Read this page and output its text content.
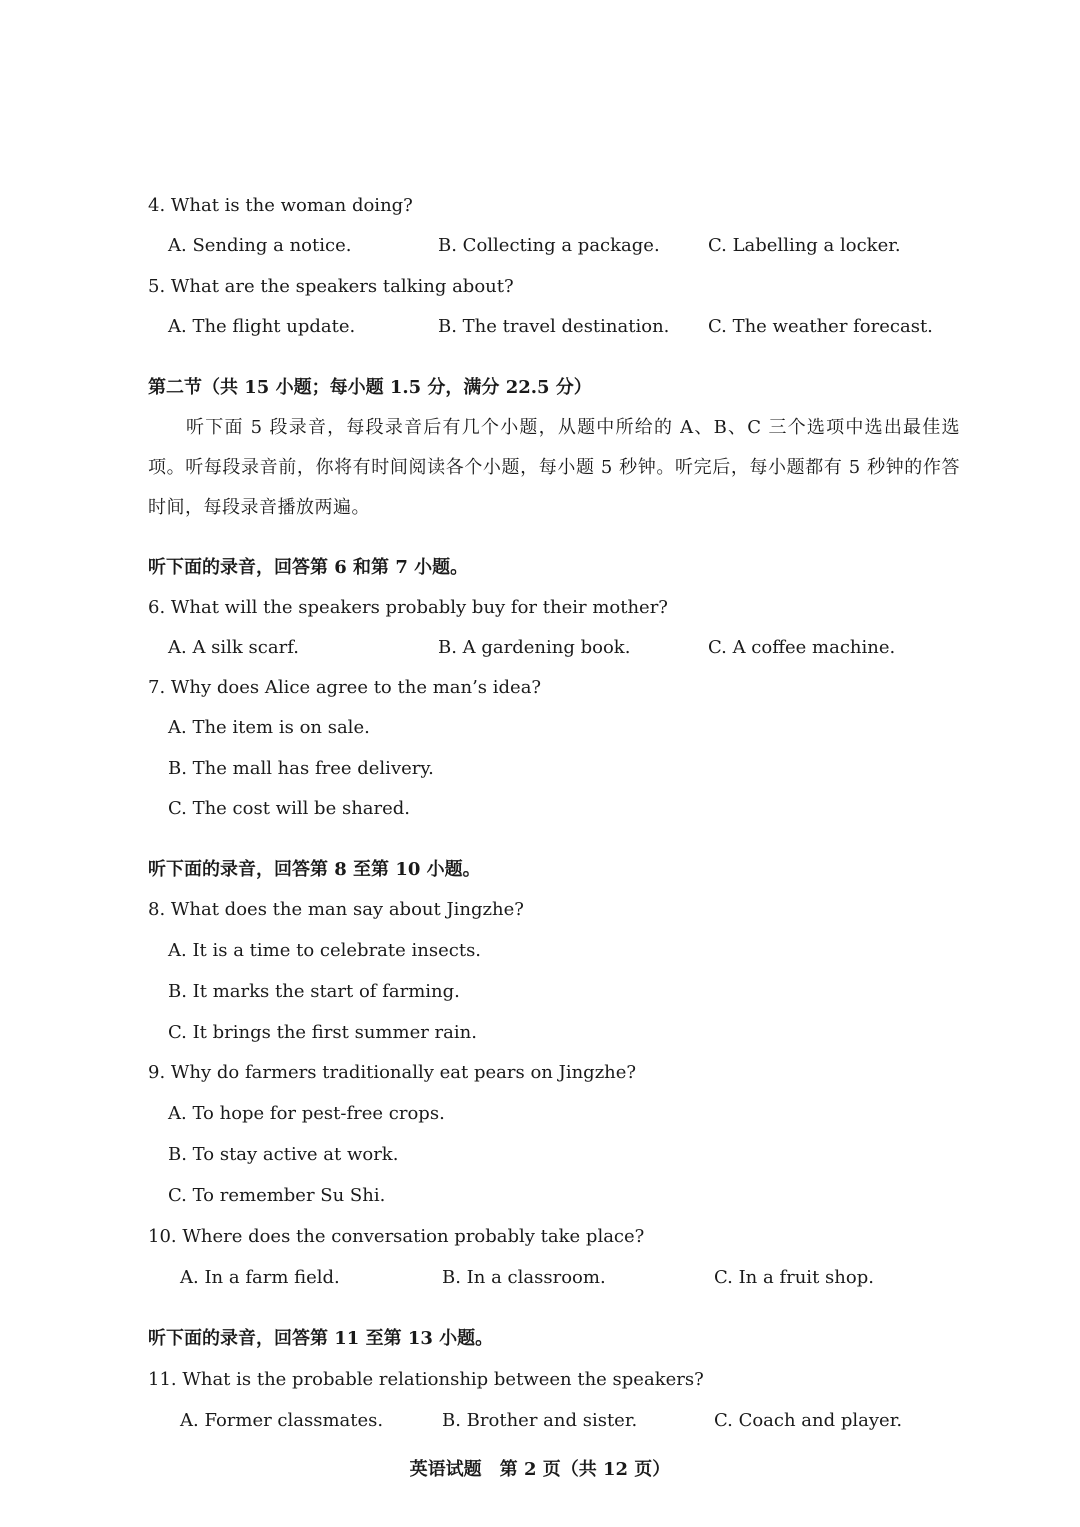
4. What is the woman doing?
A. Sending a notice.	B. Collecting a package.	C. Labelling a locker.
5. What are the speakers talking about?
A. The flight update.	B. The travel destination. C. The weather forecast.
第二节（共 15 小题；每小题 1.5 分，满分 22.5 分）
听下面 5 段录音，每段录音后有几个小题，从题中所给的 A、B、C 三个选项中选出最佳选项。听每段录音前，你将有时间阅读各个小题，每小题 5 秒钟。听完后，每小题都有 5 秒钟的作答时间，每段录音播放两遍。
听下面的录音，回答第 6 和第 7 小题。
6. What will the speakers probably buy for their mother?
A. A silk scarf.	B. A gardening book.	C. A coffee machine.
7. Why does Alice agree to the man’s idea?
A. The item is on sale.
B. The mall has free delivery.
C. The cost will be shared.
听下面的录音，回答第 8 至第 10 小题。
8. What does the man say about Jingzhe?
A. It is a time to celebrate insects.
B. It marks the start of farming.
C. It brings the first summer rain.
9. Why do farmers traditionally eat pears on Jingzhe?
A. To hope for pest-free crops.
B. To stay active at work.
C. To remember Su Shi.
10. Where does the conversation probably take place?
A. In a farm field.	B. In a classroom.	C. In a fruit shop.
听下面的录音，回答第 11 至第 13 小题。
11. What is the probable relationship between the speakers?
A. Former classmates.	B. Brother and sister.	C. Coach and player.
英语试题　第 2 页（共 12 页）
